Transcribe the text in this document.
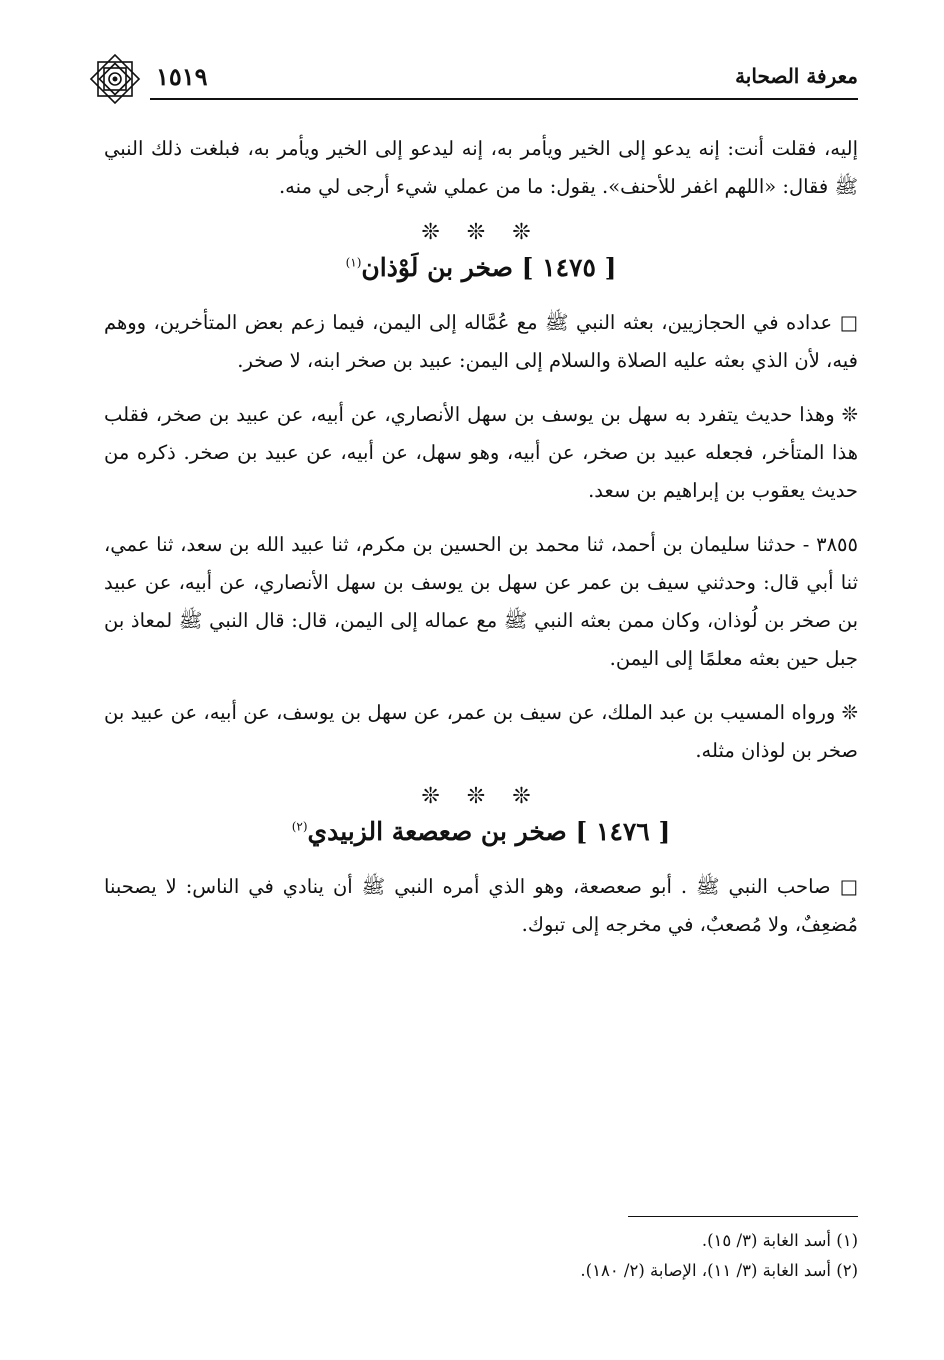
١٥١٩	معرفة الصحابة

إليه، فقلت أنت: إنه يدعو إلى الخير ويأمر به، إنه ليدعو إلى الخير ويأمر به، فبلغت ذلك النبي ﷺ فقال: «اللهم اغفر للأحنف». يقول: ما من عملي شيء أرجى لي منه.

❊ ❊ ❊
[ ١٤٧٥ ] صخر بن لَوْذان$^{(١)}$

□ عداده في الحجازيين، بعثه النبي ﷺ مع عُمَّاله إلى اليمن، فيما زعم بعض المتأخرين، ووهم فيه، لأن الذي بعثه عليه الصلاة والسلام إلى اليمن: عبيد بن صخر ابنه، لا صخر.

❊ وهذا حديث يتفرد به سهل بن يوسف بن سهل الأنصاري، عن أبيه، عن عبيد بن صخر، فقلب هذا المتأخر، فجعله عبيد بن صخر، عن أبيه، وهو سهل، عن أبيه، عن عبيد بن صخر. ذكره من حديث يعقوب بن إبراهيم بن سعد.

٣٨٥٥ - حدثنا سليمان بن أحمد، ثنا محمد بن الحسين بن مكرم، ثنا عبيد الله بن سعد، ثنا عمي، ثنا أبي قال: وحدثني سيف بن عمر عن سهل بن يوسف بن سهل الأنصاري، عن أبيه، عن عبيد بن صخر بن لُوذان، وكان ممن بعثه النبي ﷺ مع عماله إلى اليمن، قال: قال النبي ﷺ لمعاذ بن جبل حين بعثه معلمًا إلى اليمن.

❊ ورواه المسيب بن عبد الملك، عن سيف بن عمر، عن سهل بن يوسف، عن أبيه، عن عبيد بن صخر بن لوذان مثله.

❊ ❊ ❊
[ ١٤٧٦ ] صخر بن صعصعة الزبيدي$^{(٢)}$

□ صاحب النبي ﷺ . أبو صعصعة، وهو الذي أمره النبي ﷺ أن ينادي في الناس: لا يصحبنا مُضعِفٌ، ولا مُصعبٌ، في مخرجه إلى تبوك.

(١) أسد الغابة (٣/ ١٥).

(٢) أسد الغابة (٣/ ١١)، الإصابة (٢/ ١٨٠).
